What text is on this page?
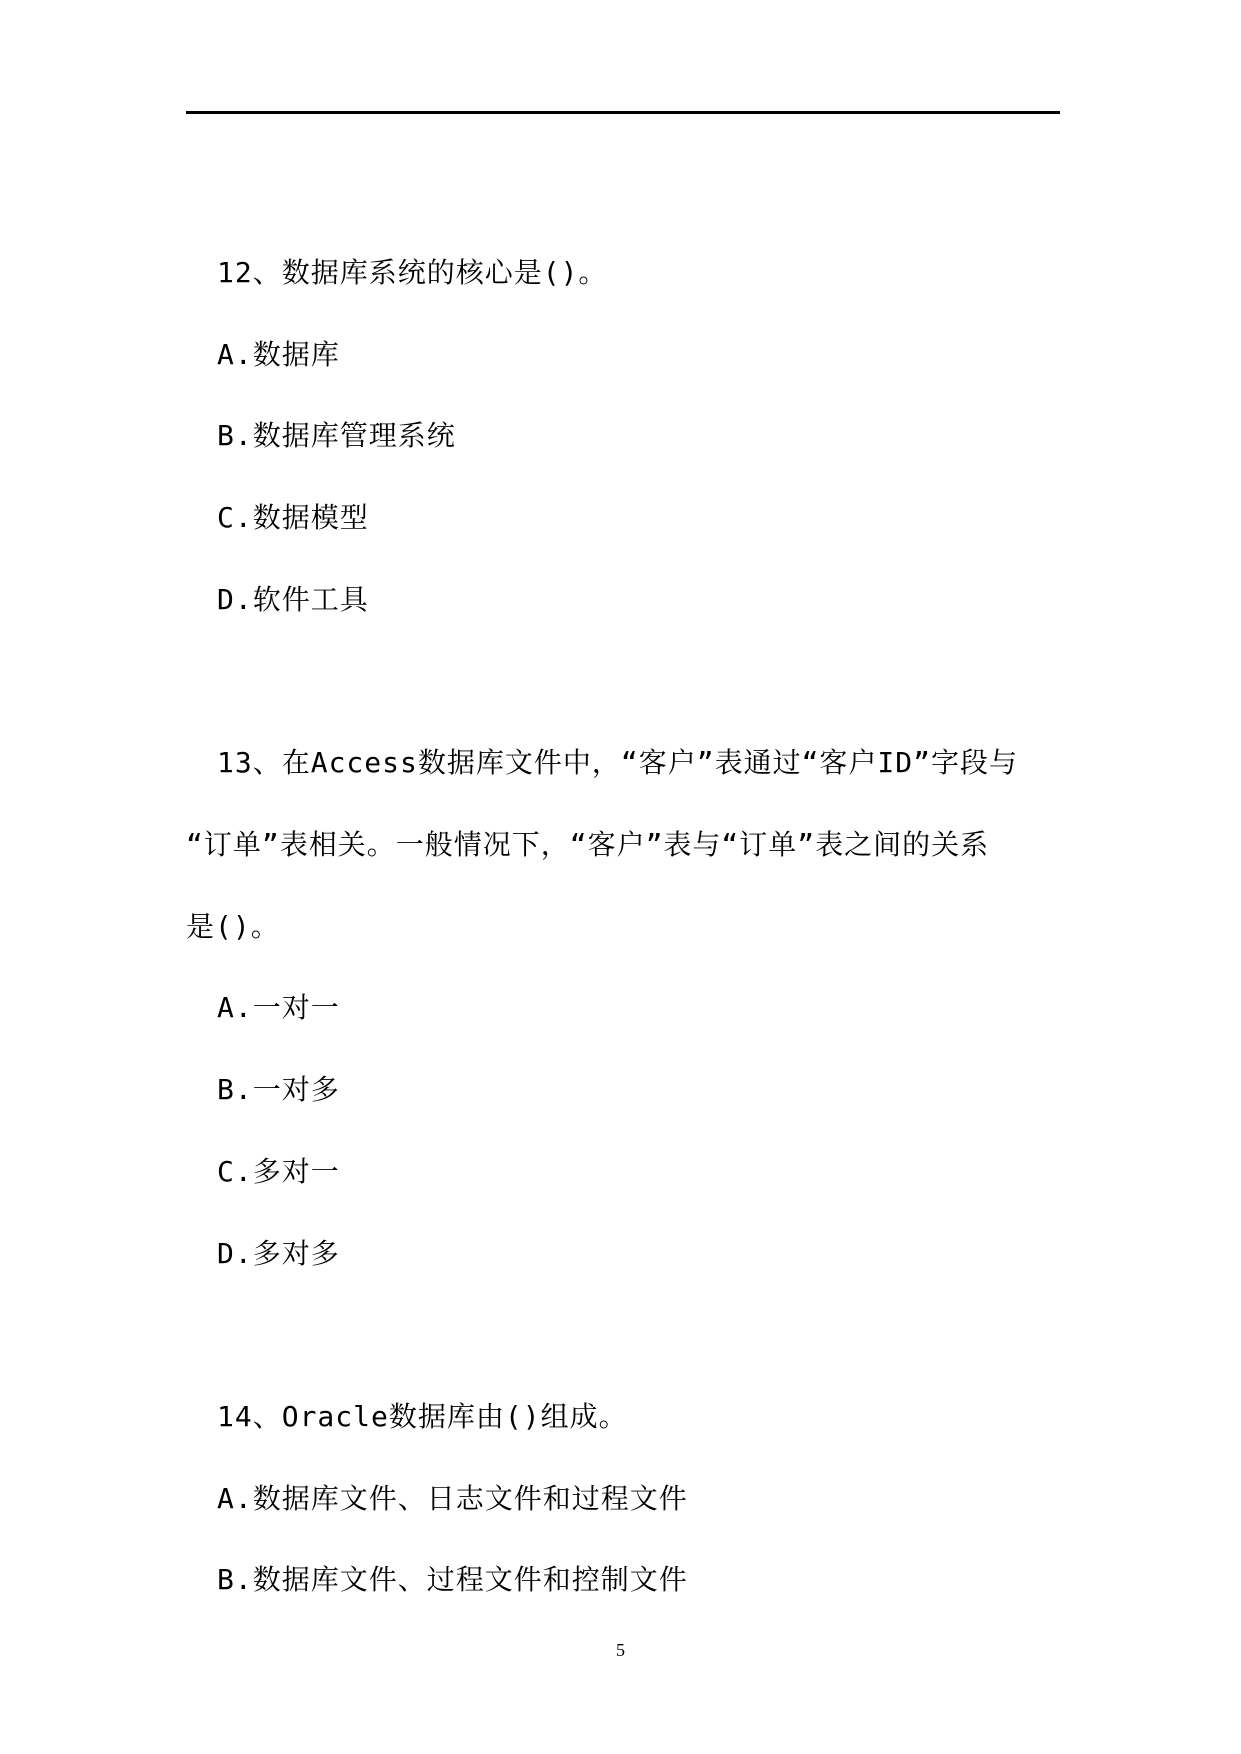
12、数据库系统的核心是()。
A.数据库
B.数据库管理系统
C.数据模型
D.软件工具
13、在Access数据库文件中，“客户”表通过“客户ID”字段与
“订单”表相关。一般情况下，“客户”表与“订单”表之间的关系
是()。
A.一对一
B.一对多
C.多对一
D.多对多
14、Oracle数据库由()组成。
A.数据库文件、日志文件和过程文件
B.数据库文件、过程文件和控制文件
5
